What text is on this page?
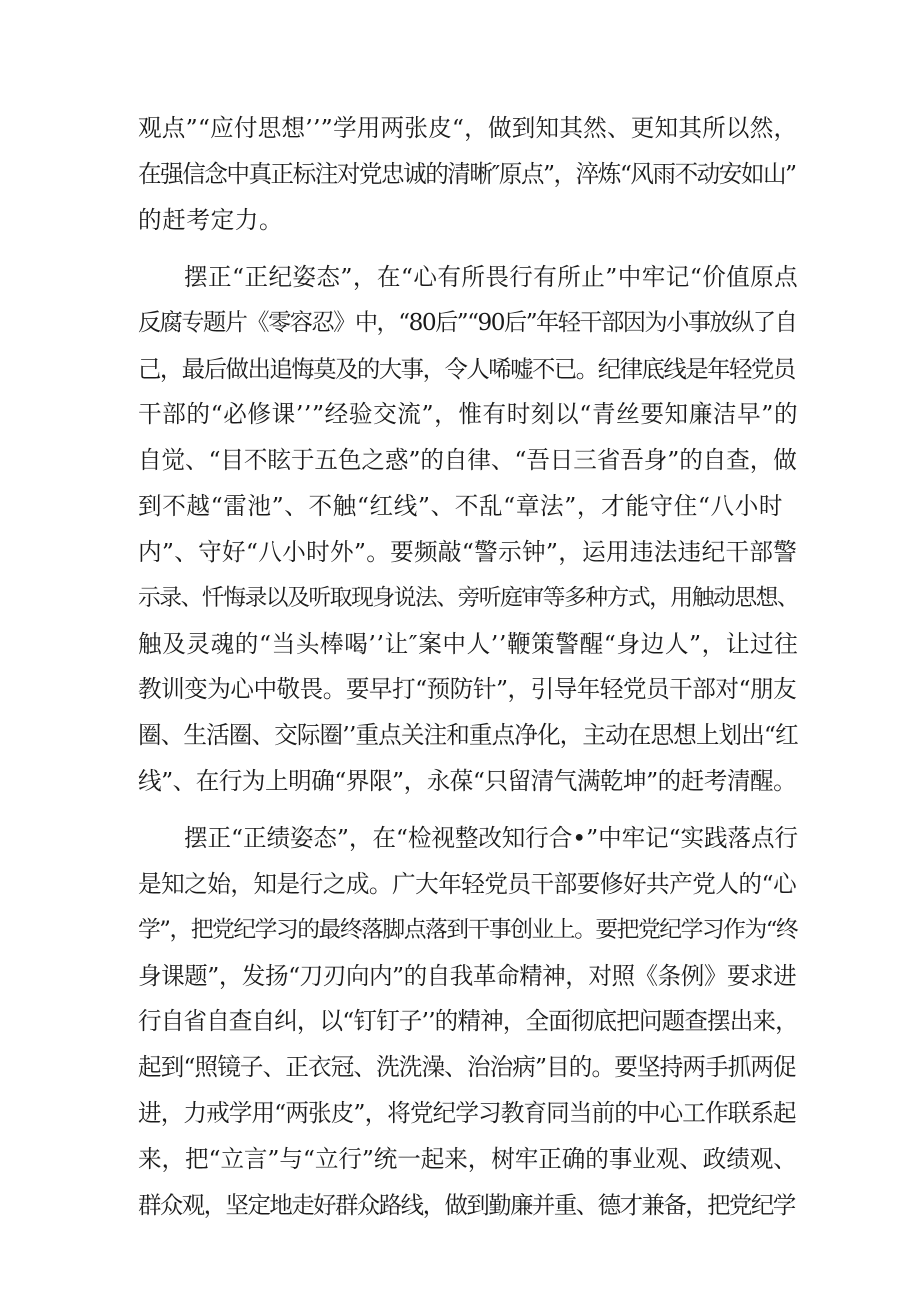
观点”“应付思想’’”学用两张皮“，做到知其然、更知其所以然，
在强信念中真正标注对党忠诚的清晰″原点”，淬炼“风雨不动安如山”
的赶考定力。
摆正“正纪姿态”，在“心有所畏行有所止”中牢记“价值原点
反腐专题片《零容忍》中，“80后”“90后”年轻干部因为小事放纵了自
己，最后做出追悔莫及的大事，令人唏嘘不已。纪律底线是年轻党员
干部的“必修课’’”经验交流”，惟有时刻以“青丝要知廉洁早”的
自觉、“目不眩于五色之惑”的自律、“吾日三省吾身”的自查，做
到不越“雷池”、不触“红线”、不乱“章法”，才能守住“八小时
内”、守好“八小时外”。要频敲“警示钟”，运用违法违纪干部警
示录、忏悔录以及听取现身说法、旁听庭审等多种方式，用触动思想、
触及灵魂的“当头棒喝’’让″案中人’’鞭策警醒“身边人”，让过往
教训变为心中敬畏。要早打“预防针”，引导年轻党员干部对“朋友
圈、生活圈、交际圈’’重点关注和重点净化，主动在思想上划出“红
线”、在行为上明确“界限”，永葆“只留清气满乾坤”的赶考清醒。
摆正“正绩姿态”，在“检视整改知行合•”中牢记“实践落点行
是知之始，知是行之成。广大年轻党员干部要修好共产党人的“心
学”，把党纪学习的最终落脚点落到干事创业上。要把党纪学习作为“终
身课题”，发扬“刀刃向内”的自我革命精神，对照《条例》要求进
行自省自查自纠，以“钉钉子’’的精神，全面彻底把问题查摆出来，
起到“照镜子、正衣冠、洗洗澡、治治病”目的。要坚持两手抓两促
进，力戒学用“两张皮”，将党纪学习教育同当前的中心工作联系起
来，把“立言”与“立行”统一起来，树牢正确的事业观、政绩观、
群众观，坚定地走好群众路线，做到勤廉并重、德才兼备，把党纪学
